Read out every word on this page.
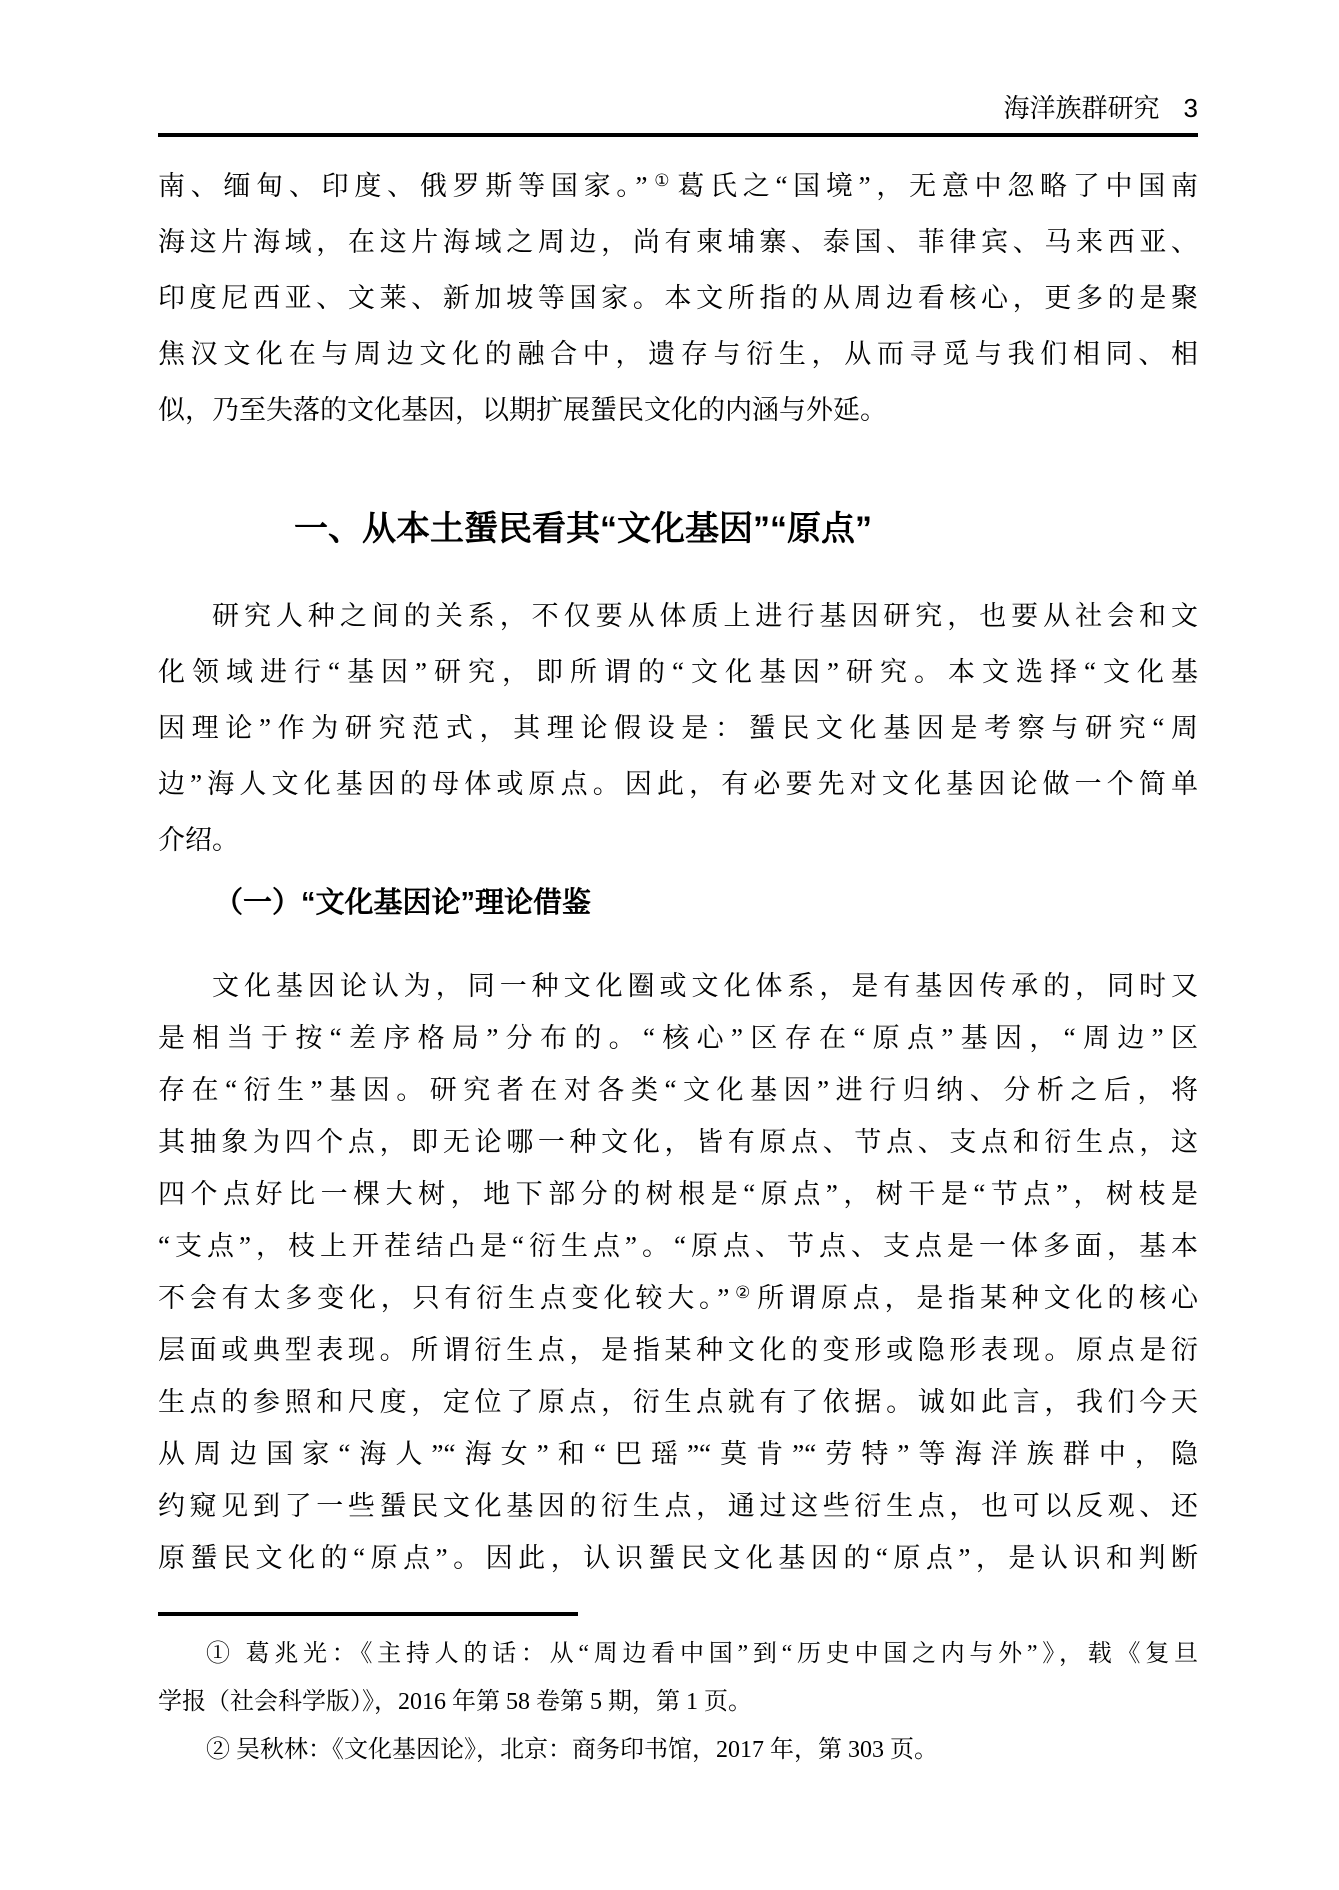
海洋族群研究 3
南、缅甸、印度、俄罗斯等国家。”①葛氏之“国境”，无意中忽略了中国南
海这片海域，在这片海域之周边，尚有柬埔寨、泰国、菲律宾、马来西亚、
印度尼西亚、文莱、新加坡等国家。本文所指的从周边看核心，更多的是聚
焦汉文化在与周边文化的融合中，遗存与衍生，从而寻觅与我们相同、相
似，乃至失落的文化基因，以期扩展蜑民文化的内涵与外延。
一、从本土蜑民看其“文化基因”“原点”
研究人种之间的关系，不仅要从体质上进行基因研究，也要从社会和文
化领域进行“基因”研究，即所谓的“文化基因”研究。本文选择“文化基
因理论”作为研究范式，其理论假设是：蜑民文化基因是考察与研究“周
边”海人文化基因的母体或原点。因此，有必要先对文化基因论做一个简单
介绍。
（一）“文化基因论”理论借鉴
文化基因论认为，同一种文化圈或文化体系，是有基因传承的，同时又
是相当于按“差序格局”分布的。“核心”区存在“原点”基因，“周边”区
存在“衍生”基因。研究者在对各类“文化基因”进行归纳、分析之后，将
其抽象为四个点，即无论哪一种文化，皆有原点、节点、支点和衍生点，这
四个点好比一棵大树，地下部分的树根是“原点”，树干是“节点”，树枝是
“支点”，枝上开茬结凸是“衍生点”。“原点、节点、支点是一体多面，基本
不会有太多变化，只有衍生点变化较大。”②所谓原点，是指某种文化的核心
层面或典型表现。所谓衍生点，是指某种文化的变形或隐形表现。原点是衍
生点的参照和尺度，定位了原点，衍生点就有了依据。诚如此言，我们今天
从周边国家“海人”“海女”和“巴瑶”“莫肯”“劳特”等海洋族群中，隐
约窥见到了一些蜑民文化基因的衍生点，通过这些衍生点，也可以反观、还
原蜑民文化的“原点”。因此，认识蜑民文化基因的“原点”，是认识和判断
① 葛兆光：《主持人的话：从“周边看中国”到“历史中国之内与外”》，载《复旦
学报（社会科学版）》，2016 年第 58 卷第 5 期，第 1 页。
② 吴秋林：《文化基因论》，北京：商务印书馆，2017 年，第 303 页。
